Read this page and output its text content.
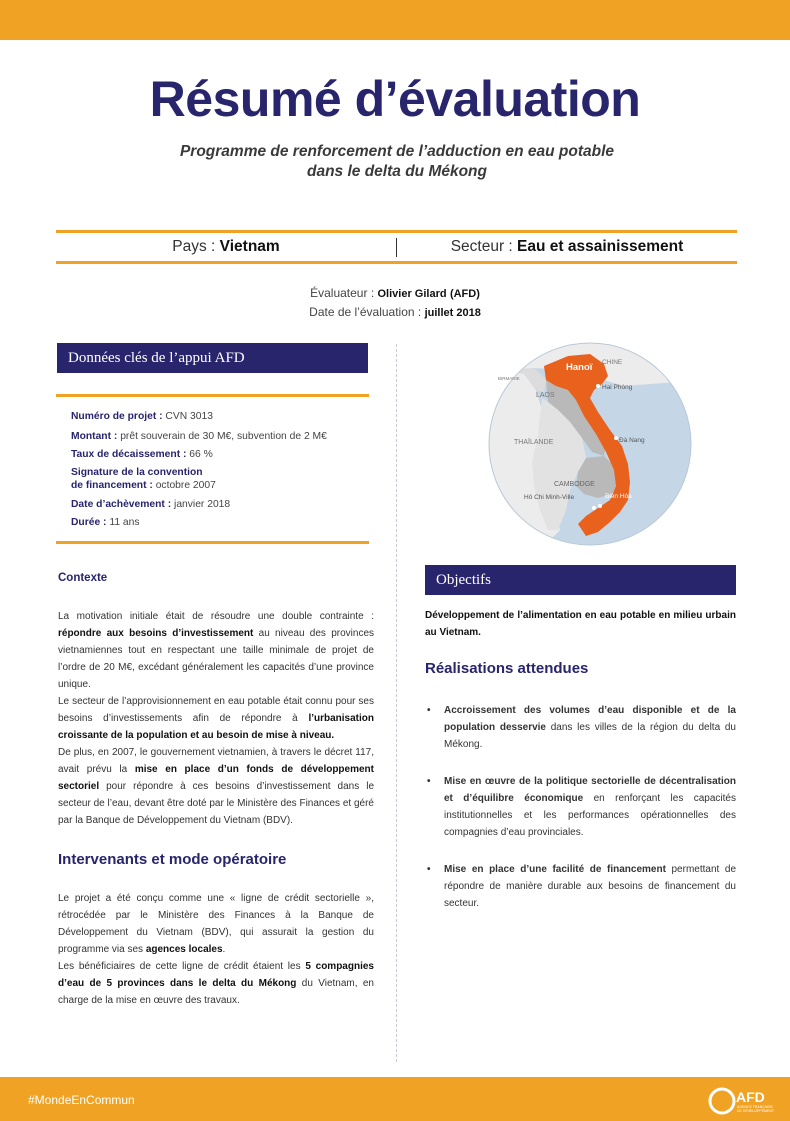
Résumé d’évaluation
Programme de renforcement de l’adduction en eau potable
dans le delta du Mékong
Pays : Vietnam	Secteur : Eau et assainissement
Évaluateur : Olivier Gilard (AFD)
Date de l’évaluation : juillet 2018
Données clés de l’appui AFD
Numéro de projet : CVN 3013
Montant : prêt souverain de 30 M€, subvention de 2 M€
Taux de décaissement : 66 %
Signature de la convention
de financement : octobre 2007
Date d’achèvement : janvier 2018
Durée : 11 ans
Hanoï CHINE
BIRMANIE
LAOS
Hai Phòng
THAÏLANDE	Đà Nang
CAMBODGE
Biên Hòa
Hô Chi Minh-Ville
Contexte

La motivation initiale était de résoudre une double contrainte : répondre aux besoins d’investissement au niveau des provinces vietnamiennes tout en respectant une taille minimale de projet de l’ordre de 20 M€, excédant généralement les capacités d’une province unique.

Le secteur de l’approvisionnement en eau potable était connu pour ses besoins d’investissements afin de répondre à l’urbanisation croissante de la population et au besoin de mise à niveau.

De plus, en 2007, le gouvernement vietnamien, à travers le décret 117, avait prévu la mise en place d’un fonds de développement sectoriel pour répondre à ces besoins d’investissement dans le secteur de l’eau, devant être doté par le Ministère des Finances et géré par la Banque de Développement du Vietnam (BDV).

Intervenants et mode opératoire

Le projet a été conçu comme une « ligne de crédit sectorielle », rétrocédée par le Ministère des Finances à la Banque de Développement du Vietnam (BDV), qui assurait la gestion du programme via ses agences locales.

Les bénéficiaires de cette ligne de crédit étaient les 5 compagnies d’eau de 5 provinces dans le delta du Mékong du Vietnam, en charge de la mise en œuvre des travaux.

Objectifs
Développement de l’alimentation en eau potable en milieu urbain au Vietnam.
Réalisations attendues
• Accroissement des volumes d’eau disponible et de la population desservie dans les villes de la région du delta du Mékong.
• Mise en œuvre de la politique sectorielle de décentralisation et d’équilibre économique en renforçant les capacités institutionnelles et les performances opérationnelles des compagnies d’eau provinciales.
• Mise en place d’une facilité de financement permettant de répondre de manière durable aux besoins de financement du secteur.
#MondeEnCommun	AFD
AGENCE FRANÇAISE
DE DÉVELOPPEMENT
